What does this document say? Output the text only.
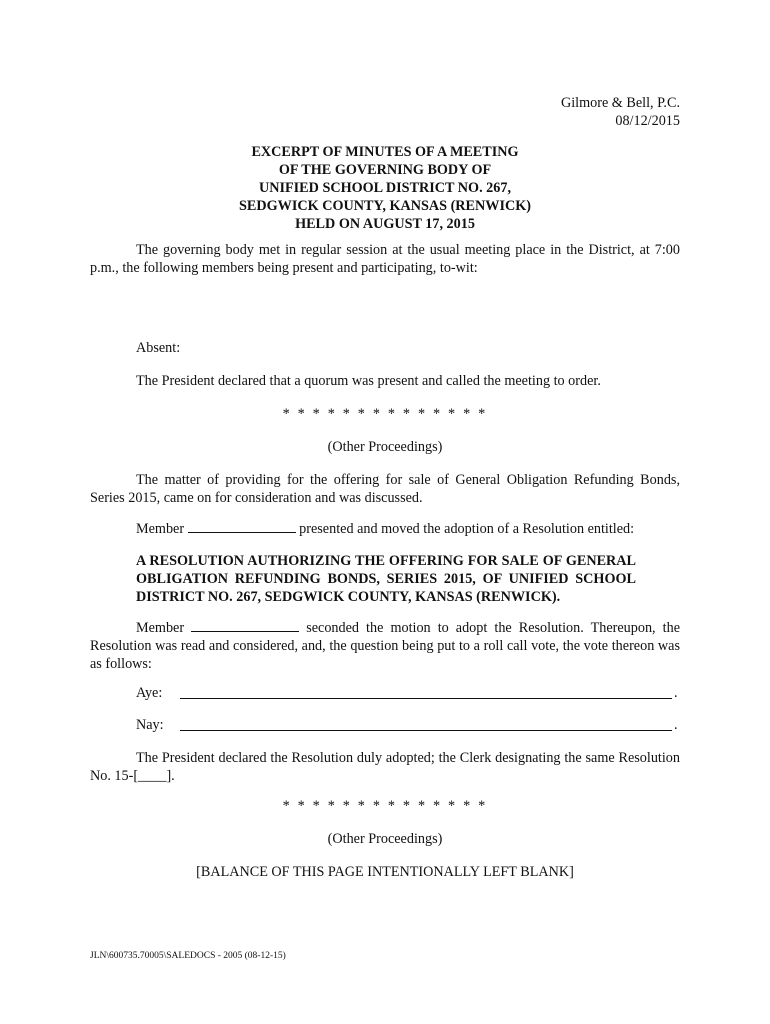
Gilmore & Bell, P.C.
08/12/2015
EXCERPT OF MINUTES OF A MEETING
OF THE GOVERNING BODY OF
UNIFIED SCHOOL DISTRICT NO. 267,
SEDGWICK COUNTY, KANSAS (RENWICK)
HELD ON AUGUST 17, 2015
The governing body met in regular session at the usual meeting place in the District, at 7:00 p.m., the following members being present and participating, to-wit:
Absent:
The President declared that a quorum was present and called the meeting to order.
* * * * * * * * * * * * * *
(Other Proceedings)
The matter of providing for the offering for sale of General Obligation Refunding Bonds, Series 2015, came on for consideration and was discussed.
Member	presented and moved the adoption of a Resolution entitled:
A RESOLUTION AUTHORIZING THE OFFERING FOR SALE OF GENERAL OBLIGATION REFUNDING BONDS, SERIES 2015, OF UNIFIED SCHOOL DISTRICT NO. 267, SEDGWICK COUNTY, KANSAS (RENWICK).
Member	seconded the motion to adopt the Resolution. Thereupon, the Resolution was read and considered, and, the question being put to a roll call vote, the vote thereon was as follows:
Aye:	.
Nay:	.
The President declared the Resolution duly adopted; the Clerk designating the same Resolution No. 15-[____].
* * * * * * * * * * * * * *
(Other Proceedings)
[BALANCE OF THIS PAGE INTENTIONALLY LEFT BLANK]
JLN\600735.70005\SALEDOCS - 2005 (08-12-15)
